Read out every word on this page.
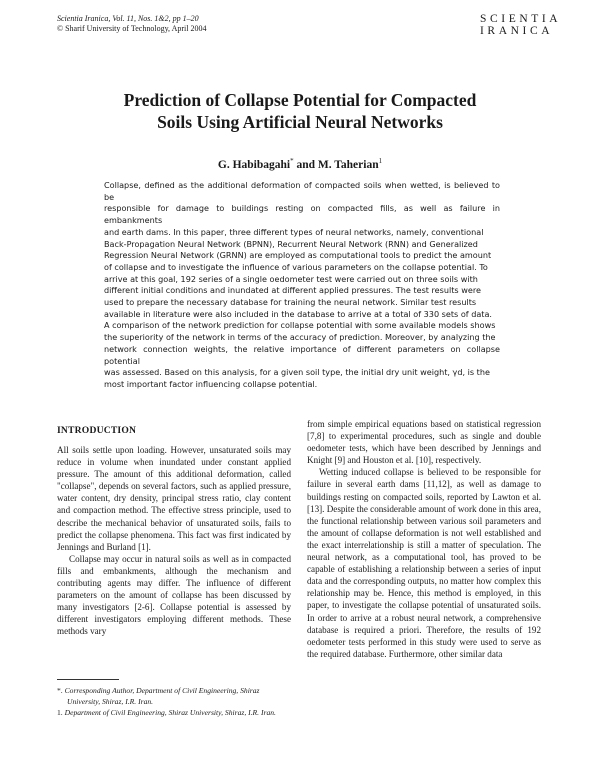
Scientia Iranica, Vol. 11, Nos. 1&2, pp 1–20
© Sharif University of Technology, April 2004
SCIENTIA
IRANICA
Prediction of Collapse Potential for Compacted
Soils Using Artificial Neural Networks
G. Habibagahi* and M. Taherian$^1$
Collapse, defined as the additional deformation of compacted soils when wetted, is believed to be
responsible for damage to buildings resting on compacted fills, as well as failure in embankments
and earth dams. In this paper, three different types of neural networks, namely, conventional
Back-Propagation Neural Network (BPNN), Recurrent Neural Network (RNN) and Generalized
Regression Neural Network (GRNN) are employed as computational tools to predict the amount
of collapse and to investigate the influence of various parameters on the collapse potential. To
arrive at this goal, 192 series of a single oedometer test were carried out on three soils with
different initial conditions and inundated at different applied pressures. The test results were
used to prepare the necessary database for training the neural network. Similar test results
available in literature were also included in the database to arrive at a total of 330 sets of data.
A comparison of the network prediction for collapse potential with some available models shows
the superiority of the network in terms of the accuracy of prediction. Moreover, by analyzing the
network connection weights, the relative importance of different parameters on collapse potential
was assessed. Based on this analysis, for a given soil type, the initial dry unit weight, γd, is the
most important factor influencing collapse potential.
INTRODUCTION

All soils settle upon loading. However, unsaturated soils may reduce in volume when inundated under constant applied pressure. The amount of this additional deformation, called "collapse", depends on several factors, such as applied pressure, water content, dry density, principal stress ratio, clay content and compaction method. The effective stress principle, used to describe the mechanical behavior of unsaturated soils, fails to predict the collapse phenomena. This fact was first indicated by Jennings and Burland [1].

Collapse may occur in natural soils as well as in compacted fills and embankments, although the mechanism and contributing agents may differ. The influence of different parameters on the amount of collapse has been discussed by many investigators [2-6]. Collapse potential is assessed by different investigators employing different methods. These methods vary

from simple empirical equations based on statistical regression [7,8] to experimental procedures, such as single and double oedometer tests, which have been described by Jennings and Knight [9] and Houston et al. [10], respectively.

Wetting induced collapse is believed to be responsible for failure in several earth dams [11,12], as well as damage to buildings resting on compacted soils, reported by Lawton et al. [13]. Despite the considerable amount of work done in this area, the functional relationship between various soil parameters and the amount of collapse deformation is not well established and the exact interrelationship is still a matter of speculation. The neural network, as a computational tool, has proved to be capable of establishing a relationship between a series of input data and the corresponding outputs, no matter how complex this relationship may be. Hence, this method is employed, in this paper, to investigate the collapse potential of unsaturated soils. In order to arrive at a robust neural network, a comprehensive database is required a priori. Therefore, the results of 192 oedometer tests performed in this study were used to serve as the required database. Furthermore, other similar data

*. Corresponding Author, Department of Civil Engineering, Shiraz University, Shiraz, I.R. Iran.
1. Department of Civil Engineering, Shiraz University, Shiraz, I.R. Iran.
